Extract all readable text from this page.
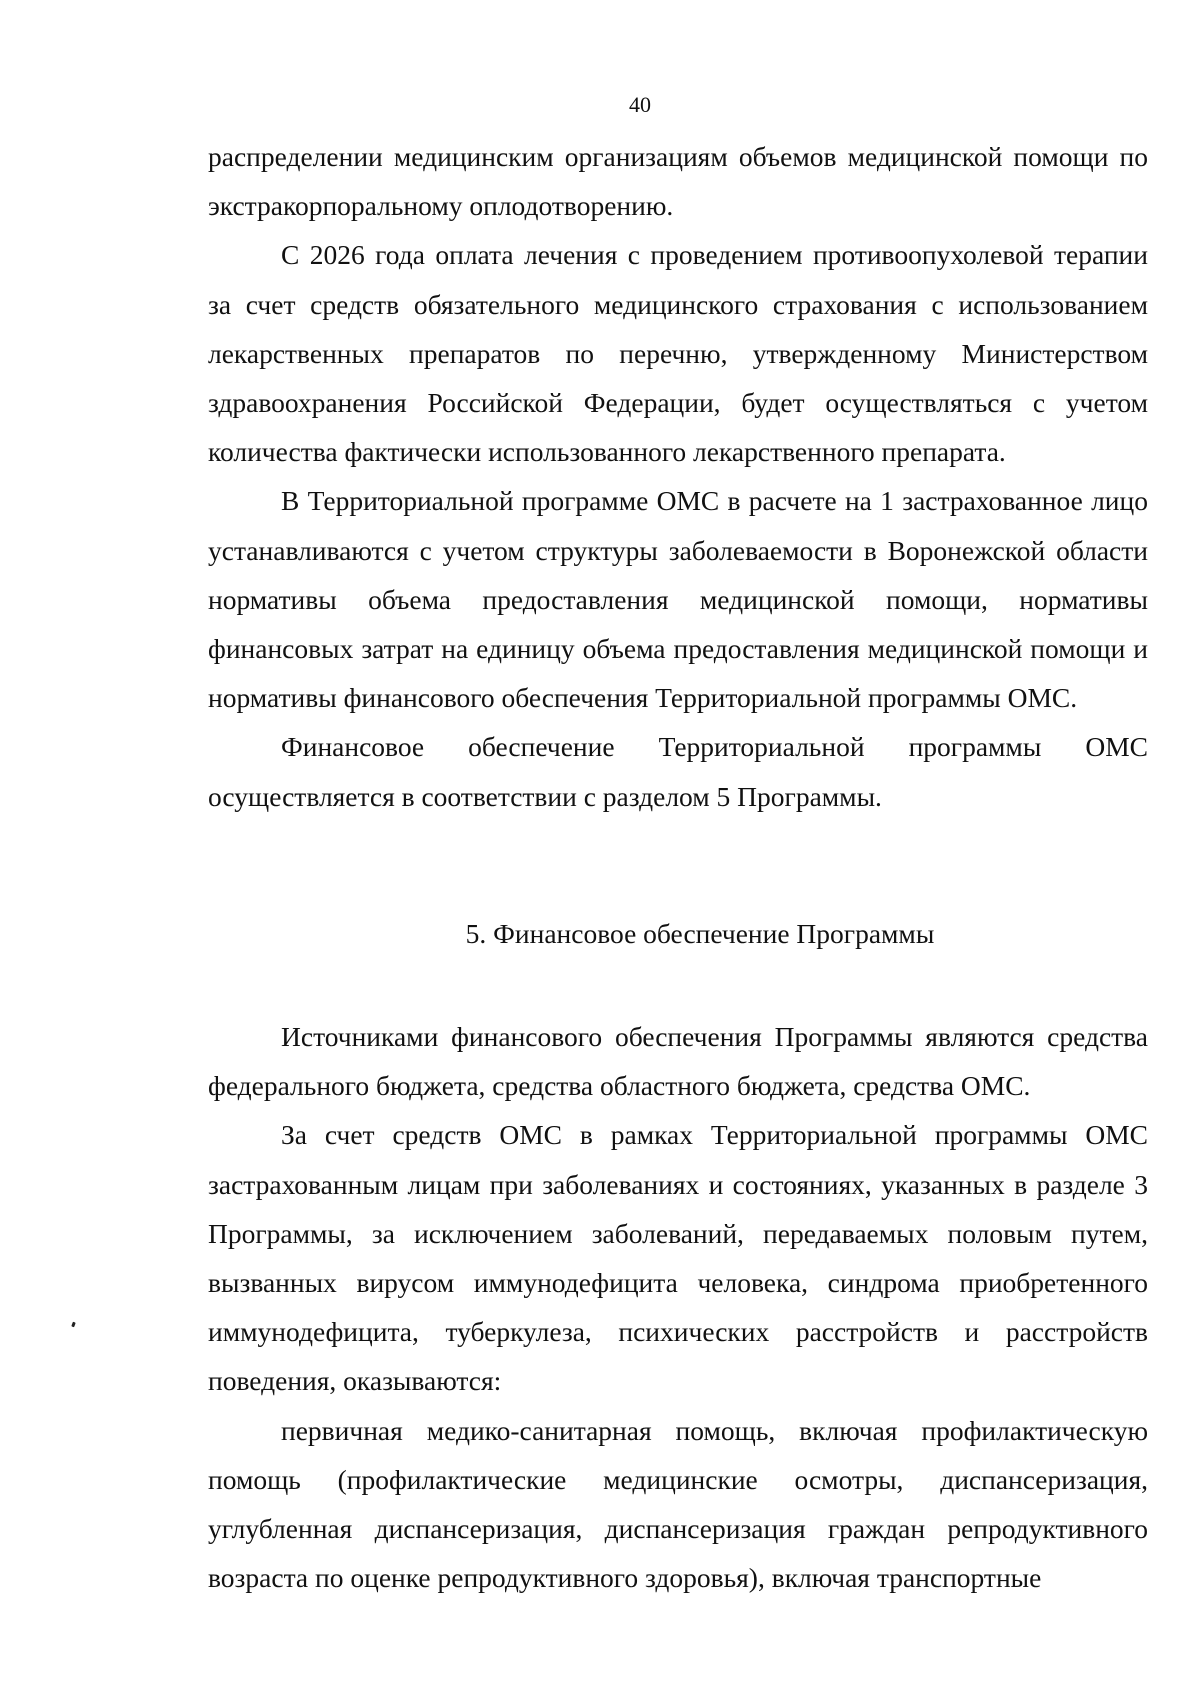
40

распределении медицинским организациям объемов медицинской помощи по экстракорпоральному оплодотворению.

С 2026 года оплата лечения с проведением противоопухолевой терапии за счет средств обязательного медицинского страхования с использованием лекарственных препаратов по перечню, утвержденному Министерством здравоохранения Российской Федерации, будет осуществляться с учетом количества фактически использованного лекарственного препарата.

В Территориальной программе ОМС в расчете на 1 застрахованное лицо устанавливаются с учетом структуры заболеваемости в Воронежской области нормативы объема предоставления медицинской помощи, нормативы финансовых затрат на единицу объема предоставления медицинской помощи и нормативы финансового обеспечения Территориальной программы ОМС.

Финансовое обеспечение Территориальной программы ОМС осуществляется в соответствии с разделом 5 Программы.

5. Финансовое обеспечение Программы

Источниками финансового обеспечения Программы являются средства федерального бюджета, средства областного бюджета, средства ОМС.

За счет средств ОМС в рамках Территориальной программы ОМС застрахованным лицам при заболеваниях и состояниях, указанных в разделе 3 Программы, за исключением заболеваний, передаваемых половым путем, вызванных вирусом иммунодефицита человека, синдрома приобретенного иммунодефицита, туберкулеза, психических расстройств и расстройств поведения, оказываются:

первичная медико-санитарная помощь, включая профилактическую помощь (профилактические медицинские осмотры, диспансеризация, углубленная диспансеризация, диспансеризация граждан репродуктивного возраста по оценке репродуктивного здоровья), включая транспортные
